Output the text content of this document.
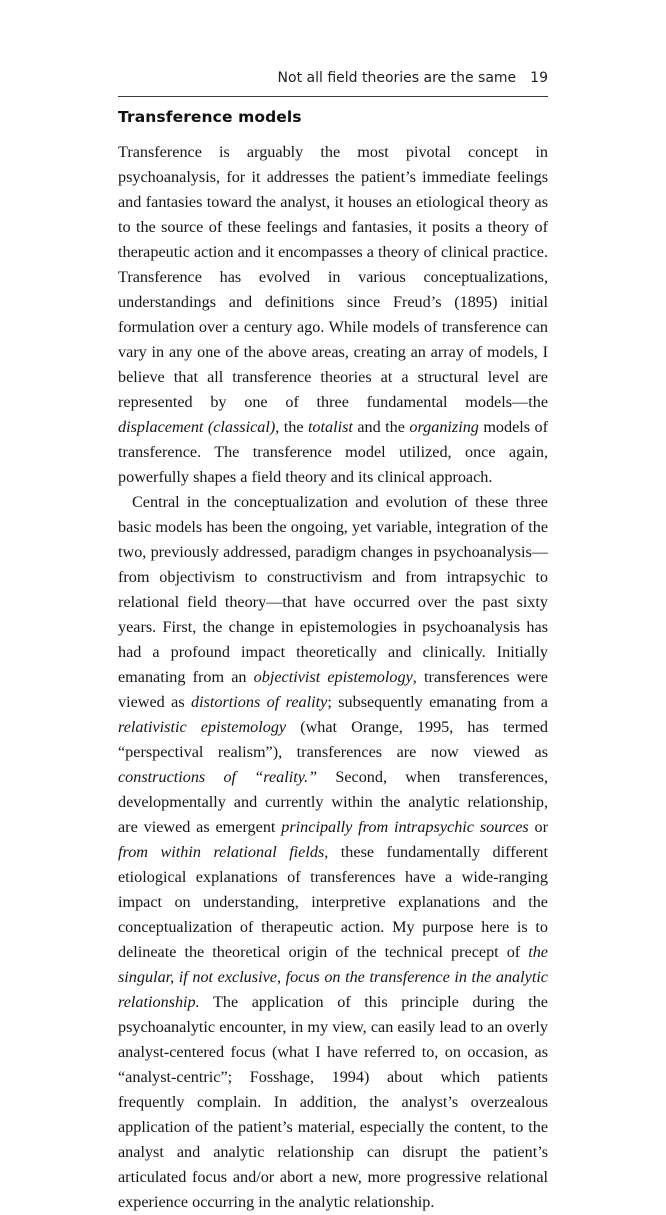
Not all field theories are the same 19
Transference models

Transference is arguably the most pivotal concept in psychoanalysis, for it addresses the patient’s immediate feelings and fantasies toward the analyst, it houses an etiological theory as to the source of these feelings and fantasies, it posits a theory of therapeutic action and it encompasses a theory of clinical practice. Transference has evolved in various conceptualizations, understandings and definitions since Freud’s (1895) initial formulation over a century ago. While models of transference can vary in any one of the above areas, creating an array of models, I believe that all transference theories at a structural level are represented by one of three fundamental models—the displacement (classical), the totalist and the organizing models of transference. The transference model utilized, once again, powerfully shapes a field theory and its clinical approach.

Central in the conceptualization and evolution of these three basic models has been the ongoing, yet variable, integration of the two, previously addressed, paradigm changes in psychoanalysis—from objectivism to constructivism and from intrapsychic to relational field theory—that have occurred over the past sixty years. First, the change in epistemologies in psychoanalysis has had a profound impact theoretically and clinically. Initially emanating from an objectivist epistemology, transferences were viewed as distortions of reality; subsequently emanating from a relativistic epistemology (what Orange, 1995, has termed “perspectival realism”), transferences are now viewed as constructions of “reality.” Second, when transferences, developmentally and currently within the analytic relationship, are viewed as emergent principally from intrapsychic sources or from within relational fields, these fundamentally different etiological explanations of transferences have a wide-ranging impact on understanding, interpretive explanations and the conceptualization of therapeutic action. My purpose here is to delineate the theoretical origin of the technical precept of the singular, if not exclusive, focus on the transference in the analytic relationship. The application of this principle during the psychoanalytic encounter, in my view, can easily lead to an overly analyst-centered focus (what I have referred to, on occasion, as “analyst-centric”; Fosshage, 1994) about which patients frequently complain. In addition, the analyst’s overzealous application of the patient’s material, especially the content, to the analyst and analytic relationship can disrupt the patient’s articulated focus and/or abort a new, more progressive relational experience occurring in the analytic relationship.
